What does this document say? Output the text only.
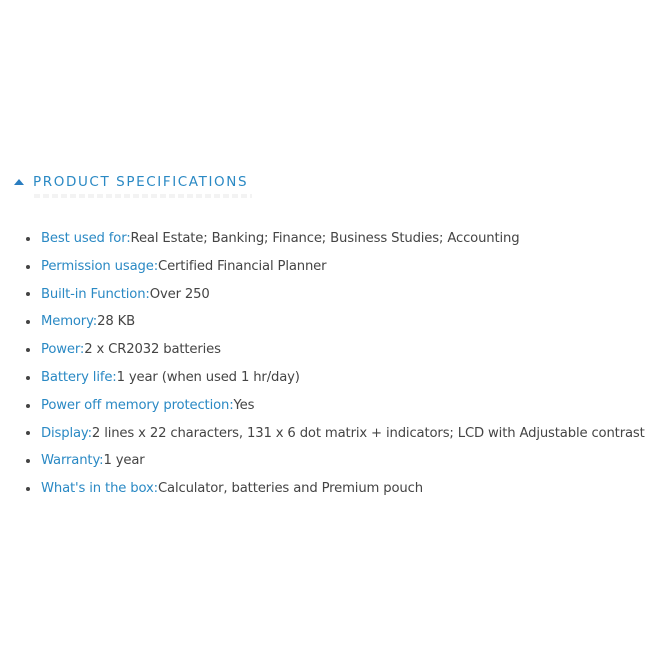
PRODUCT SPECIFICATIONS
Best used for: Real Estate; Banking; Finance; Business Studies; Accounting
Permission usage: Certified Financial Planner
Built-in Function: Over 250
Memory: 28 KB
Power: 2 x CR2032 batteries
Battery life: 1 year (when used 1 hr/day)
Power off memory protection: Yes
Display: 2 lines x 22 characters, 131 x 6 dot matrix + indicators; LCD with Adjustable contrast
Warranty: 1 year
What's in the box: Calculator, batteries and Premium pouch
